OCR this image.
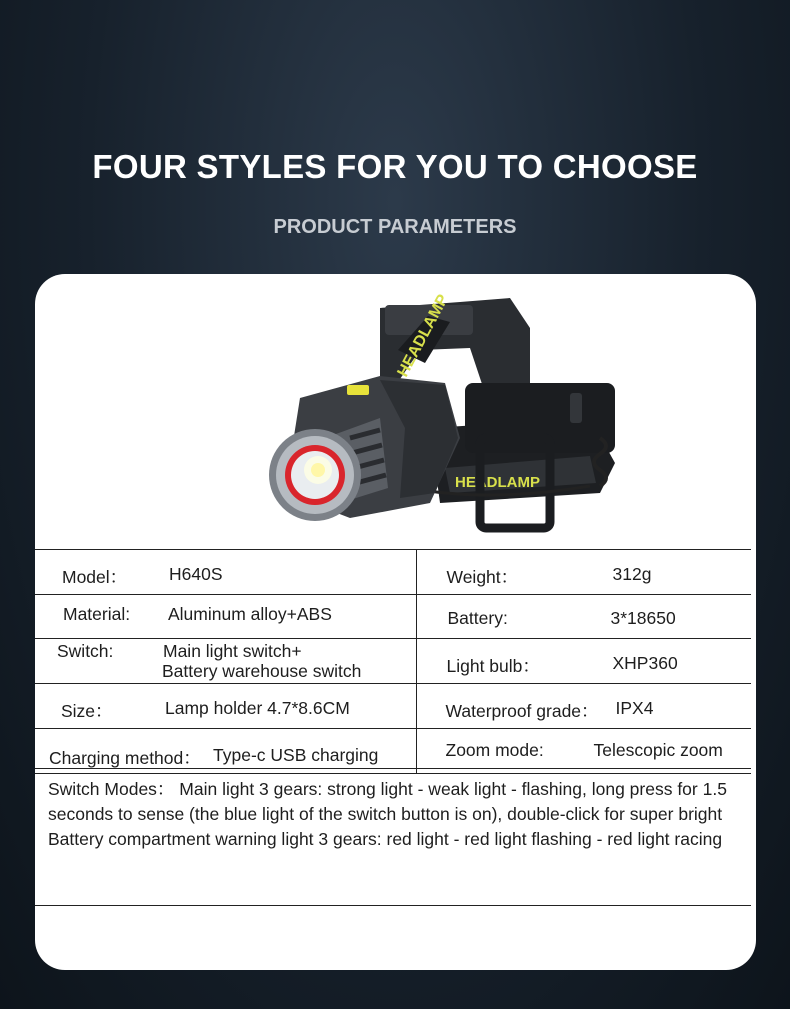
FOUR STYLES FOR YOU TO CHOOSE
PRODUCT PARAMETERS
HEADLAMP
HEADLAMP
Model： H640S	Weight： 312g

Material: Aluminum alloy+ABS	Battery: 3*18650

Switch: Main light switch+
Battery warehouse switch	Light bulb： XHP360

Size： Lamp holder 4.7*8.6CM	Waterproof grade： IPX4

Charging method： Type-c USB charging	Zoom mode: Telescopic zoom
Switch Modes： Main light 3 gears: strong light - weak light - flashing, long press for 1.5 seconds to sense (the blue light of the switch button is on), double-click for super bright
Battery compartment warning light 3 gears: red light - red light flashing - red light racing
